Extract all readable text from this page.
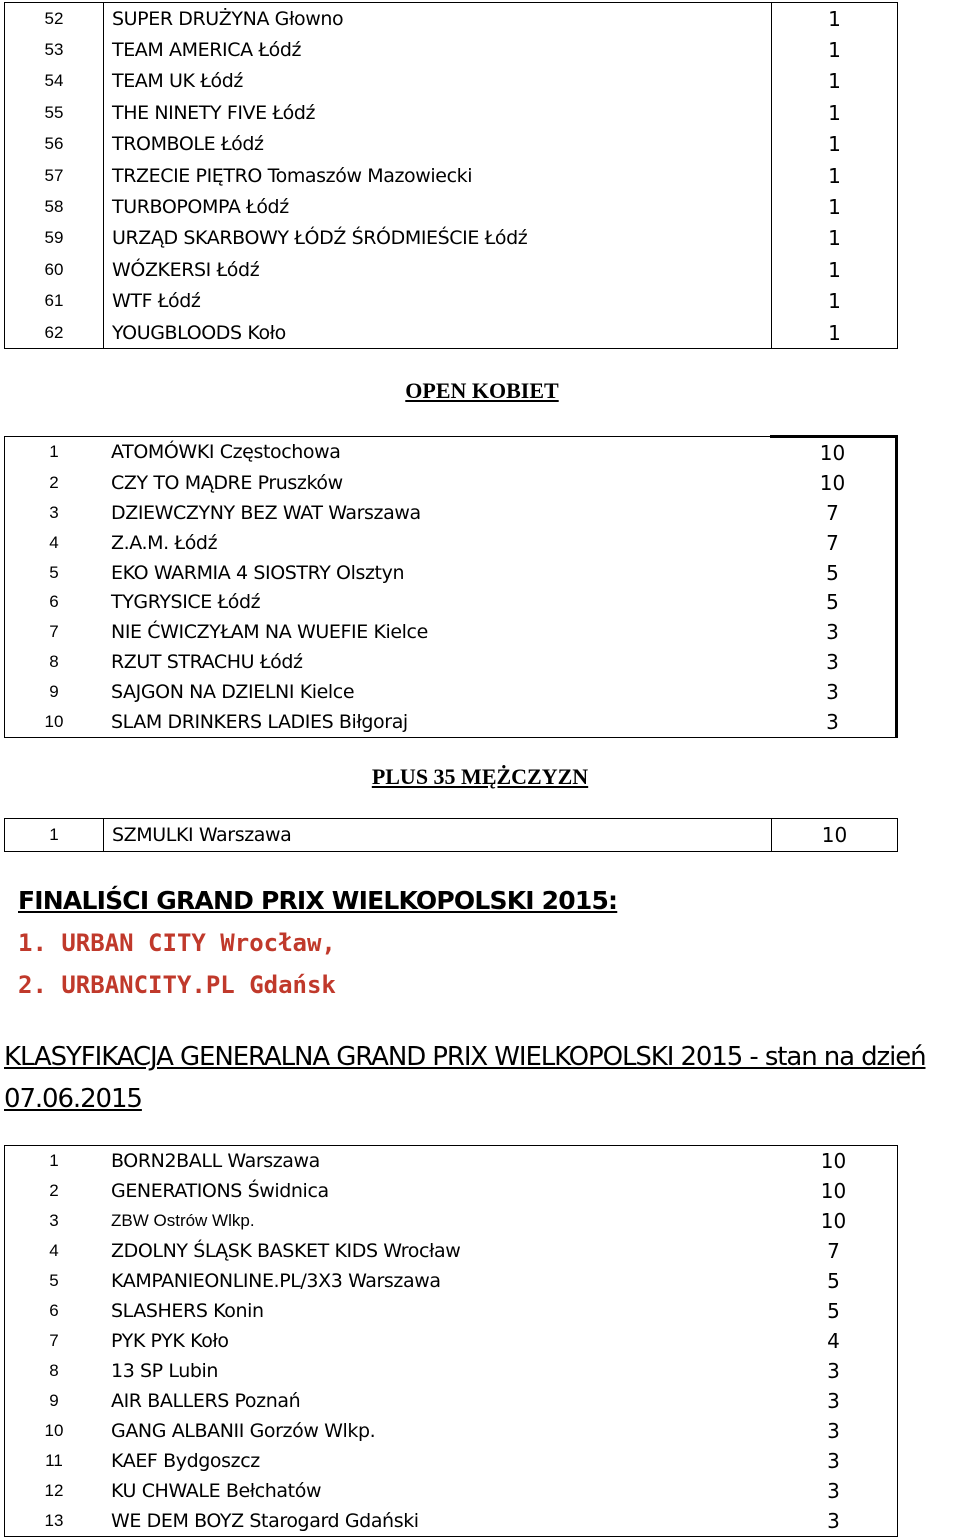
52	SUPER DRUŻYNA Głowno	1
53	TEAM AMERICA Łódź	1
54	TEAM UK Łódź	1
55	THE NINETY FIVE Łódź	1
56	TROMBOLE Łódź	1
57	TRZECIE PIĘTRO Tomaszów Mazowiecki	1
58	TURBOPOMPA Łódź	1
59	URZĄD SKARBOWY ŁÓDŹ ŚRÓDMIEŚCIE Łódź	1
60	WÓZKERSI Łódź	1
61	WTF Łódź	1
62	YOUGBLOODS Koło	1
OPEN KOBIET
1	ATOMÓWKI Częstochowa	10
2	CZY TO MĄDRE Pruszków	10
3	DZIEWCZYNY BEZ WAT Warszawa	7
4	Z.A.M. Łódź	7
5	EKO WARMIA 4 SIOSTRY Olsztyn	5
6	TYGRYSICE Łódź	5
7	NIE ĆWICZYŁAM NA WUEFIE Kielce	3
8	RZUT STRACHU Łódź	3
9	SAJGON NA DZIELNI Kielce	3
10	SLAM DRINKERS LADIES Biłgoraj	3
PLUS 35 MĘŻCZYZN
1	SZMULKI Warszawa	10
FINALIŚCI GRAND PRIX WIELKOPOLSKI 2015:
1. URBAN CITY Wrocław,
2. URBANCITY.PL Gdańsk
KLASYFIKACJA GENERALNA GRAND PRIX WIELKOPOLSKI 2015 - stan na dzień 07.06.2015
1	BORN2BALL Warszawa	10
2	GENERATIONS Świdnica	10
3	ZBW Ostrów Wlkp.	10
4	ZDOLNY ŚLĄSK BASKET KIDS Wrocław	7
5	KAMPANIEONLINE.PL/3X3 Warszawa	5
6	SLASHERS Konin	5
7	PYK PYK Koło	4
8	13 SP Lubin	3
9	AIR BALLERS Poznań	3
10	GANG ALBANII Gorzów Wlkp.	3
11	KAEF Bydgoszcz	3
12	KU CHWALE Bełchatów	3
13	WE DEM BOYZ Starogard Gdański	3
